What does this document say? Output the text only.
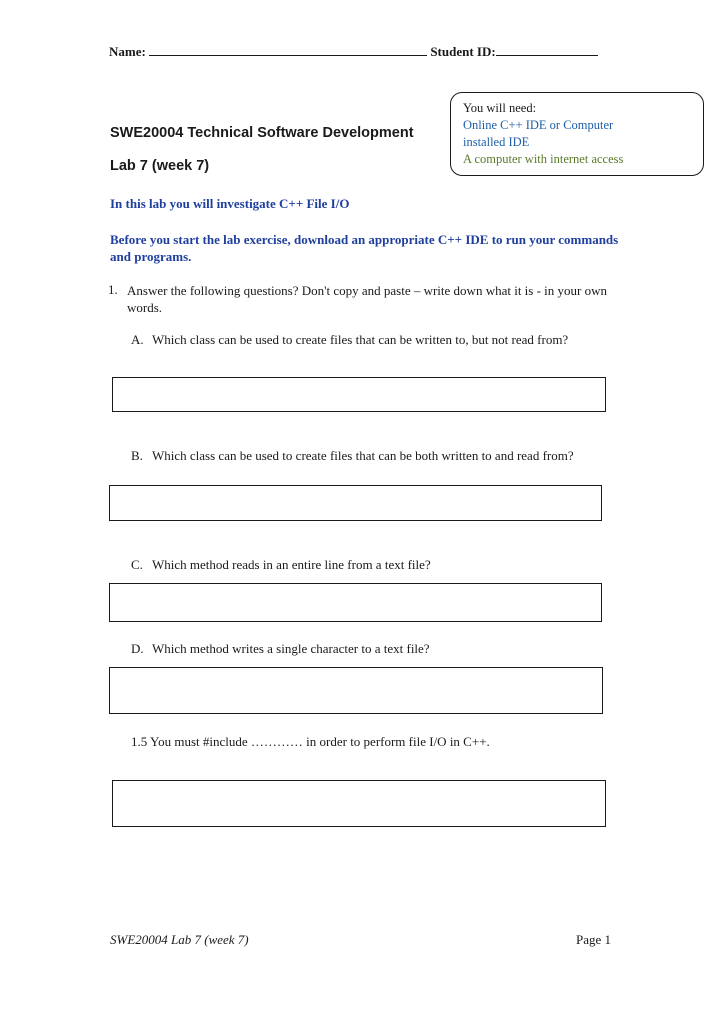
Name:	Student ID:
You will need:
Online C++ IDE or Computer
installed IDE
A computer with internet access
SWE20004 Technical Software Development
Lab 7 (week 7)
In this lab you will investigate C++ File I/O
Before you start the lab exercise, download an appropriate C++ IDE to run your commands and programs.
1. Answer the following questions? Don't copy and paste – write down what it is - in your own words.
A. Which class can be used to create files that can be written to, but not read from?
B. Which class can be used to create files that can be both written to and read from?
C. Which method reads in an entire line from a text file?
D. Which method writes a single character to a text file?
1.5 You must #include ………… in order to perform file I/O in C++.
SWE20004 Lab 7 (week 7)	Page 1
